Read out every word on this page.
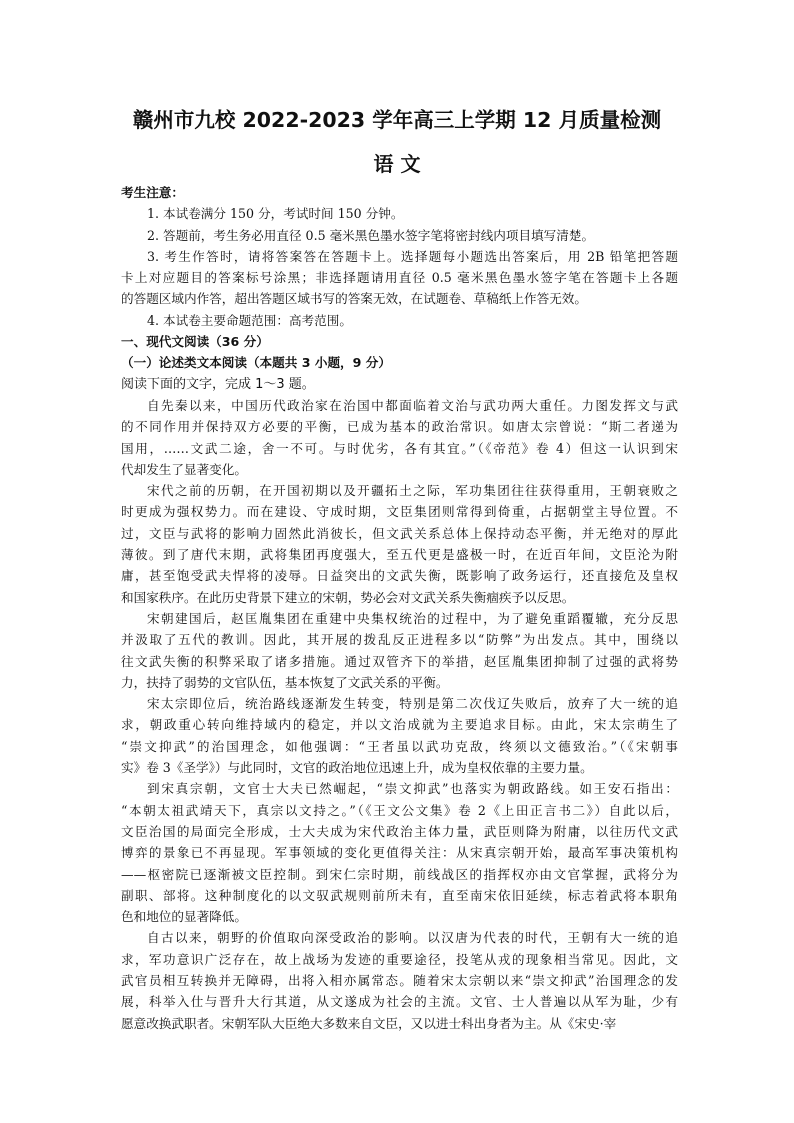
赣州市九校 2022-2023 学年高三上学期 12 月质量检测
语 文
考生注意：
1. 本试卷满分 150 分，考试时间 150 分钟。
2. 答题前，考生务必用直径 0.5 毫米黑色墨水签字笔将密封线内项目填写清楚。
3. 考生作答时，请将答案答在答题卡上。选择题每小题选出答案后，用 2B 铅笔把答题
卡上对应题目的答案标号涂黑；非选择题请用直径 0.5 毫米黑色墨水签字笔在答题卡上各题
的答题区域内作答，超出答题区域书写的答案无效，在试题卷、草稿纸上作答无效。
4. 本试卷主要命题范围：高考范围。
一、现代文阅读（36 分）
（一）论述类文本阅读（本题共 3 小题，9 分）
阅读下面的文字，完成 1～3 题。
自先秦以来，中国历代政治家在治国中都面临着文治与武功两大重任。力图发挥文与武
的不同作用并保持双方必要的平衡，已成为基本的政治常识。如唐太宗曾说：“斯二者递为
国用，……文武二途，舍一不可。与时优劣，各有其宜。”（《帝范》卷 4）但这一认识到宋
代却发生了显著变化。
宋代之前的历朝，在开国初期以及开疆拓土之际，军功集团往往获得重用，王朝衰败之
时更成为强权势力。而在建设、守成时期，文臣集团则常得到倚重，占据朝堂主导位置。不
过，文臣与武将的影响力固然此消彼长，但文武关系总体上保持动态平衡，并无绝对的厚此
薄彼。到了唐代末期，武将集团再度强大，至五代更是盛极一时，在近百年间，文臣沦为附
庸，甚至饱受武夫悍将的凌辱。日益突出的文武失衡，既影响了政务运行，还直接危及皇权
和国家秩序。在此历史背景下建立的宋朝，势必会对文武关系失衡痼疾予以反思。
宋朝建国后，赵匡胤集团在重建中央集权统治的过程中，为了避免重蹈覆辙，充分反思
并汲取了五代的教训。因此，其开展的拨乱反正进程多以“防弊”为出发点。其中，围绕以
往文武失衡的积弊采取了诸多措施。通过双管齐下的举措，赵匡胤集团抑制了过强的武将势
力，扶持了弱势的文官队伍，基本恢复了文武关系的平衡。
宋太宗即位后，统治路线逐渐发生转变，特别是第二次伐辽失败后，放弃了大一统的追
求，朝政重心转向维持域内的稳定，并以文治成就为主要追求目标。由此，宋太宗萌生了
“崇文抑武”的治国理念，如他强调：“王者虽以武功克敌，终须以文德致治。”（《宋朝事
实》卷 3《圣学》）与此同时，文官的政治地位迅速上升，成为皇权依靠的主要力量。
到宋真宗朝，文官士大夫已然崛起，“崇文抑武”也落实为朝政路线。如王安石指出：
“本朝太祖武靖天下，真宗以文持之。”（《王文公文集》卷 2《上田正言书二》）自此以后，
文臣治国的局面完全形成，士大夫成为宋代政治主体力量，武臣则降为附庸，以往历代文武
博弈的景象已不再显现。军事领域的变化更值得关注：从宋真宗朝开始，最高军事决策机构
——枢密院已逐渐被文臣控制。到宋仁宗时期，前线战区的指挥权亦由文官掌握，武将分为
副职、部将。这种制度化的以文驭武规则前所未有，直至南宋依旧延续，标志着武将本职角
色和地位的显著降低。
自古以来，朝野的价值取向深受政治的影响。以汉唐为代表的时代，王朝有大一统的追
求，军功意识广泛存在，故上战场为发迹的重要途径，投笔从戎的现象相当常见。因此，文
武官员相互转换并无障碍，出将入相亦属常态。随着宋太宗朝以来“崇文抑武”治国理念的发
展，科举入仕与晋升大行其道，从文遂成为社会的主流。文官、士人普遍以从军为耻，少有
愿意改换武职者。宋朝军队大臣绝大多数来自文臣，又以进士科出身者为主。从《宋史·宰
